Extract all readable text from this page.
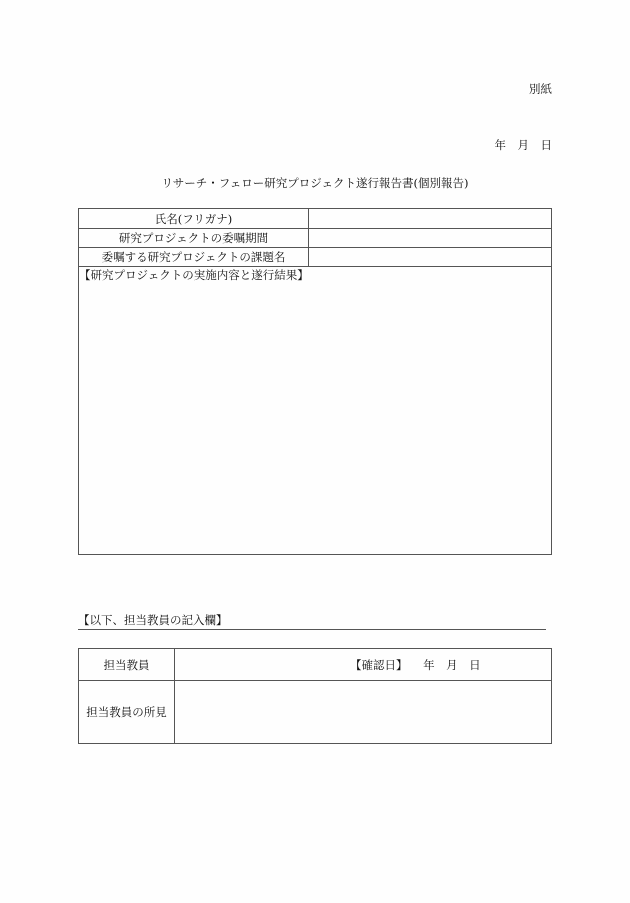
別紙
年　月　日
リサーチ・フェロー研究プロジェクト遂行報告書(個別報告)
氏名(フリガナ)	
研究プロジェクトの委嘱期間	
委嘱する研究プロジェクトの課題名	
【研究プロジェクトの実施内容と遂行結果】	
【以下、担当教員の記入欄】
担当教員	【確認日】 年　月　日
担当教員の所見	
